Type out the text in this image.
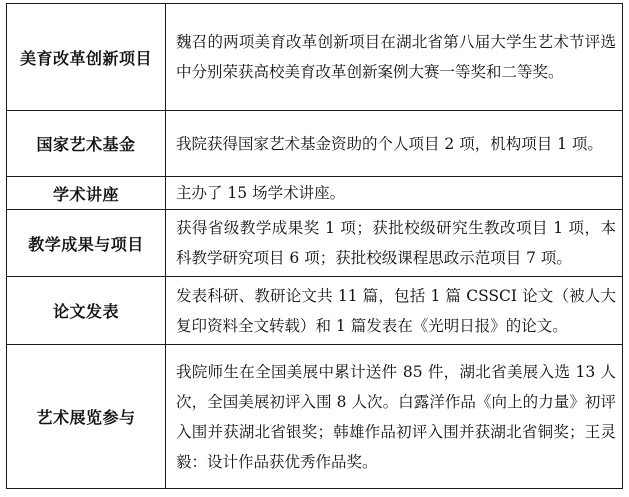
美育改革创新项目	魏召的两项美育改革创新项目在湖北省第八届大学生艺术节评选中分别荣获高校美育改革创新案例大赛一等奖和二等奖。
国家艺术基金	我院获得国家艺术基金资助的个人项目 2 项，机构项目 1 项。
学术讲座	主办了 15 场学术讲座。
教学成果与项目	获得省级教学成果奖 1 项；获批校级研究生教改项目 1 项，本科教学研究项目 6 项；获批校级课程思政示范项目 7 项。
论文发表	发表科研、教研论文共 11 篇，包括 1 篇 CSSCI 论文（被人大复印资料全文转载）和 1 篇发表在《光明日报》的论文。
艺术展览参与	我院师生在全国美展中累计送件 85 件，湖北省美展入选 13 人次，全国美展初评入围 8 人次。白露洋作品《向上的力量》初评入围并获湖北省银奖；韩雄作品初评入围并获湖北省铜奖；王灵毅：设计作品获优秀作品奖。
